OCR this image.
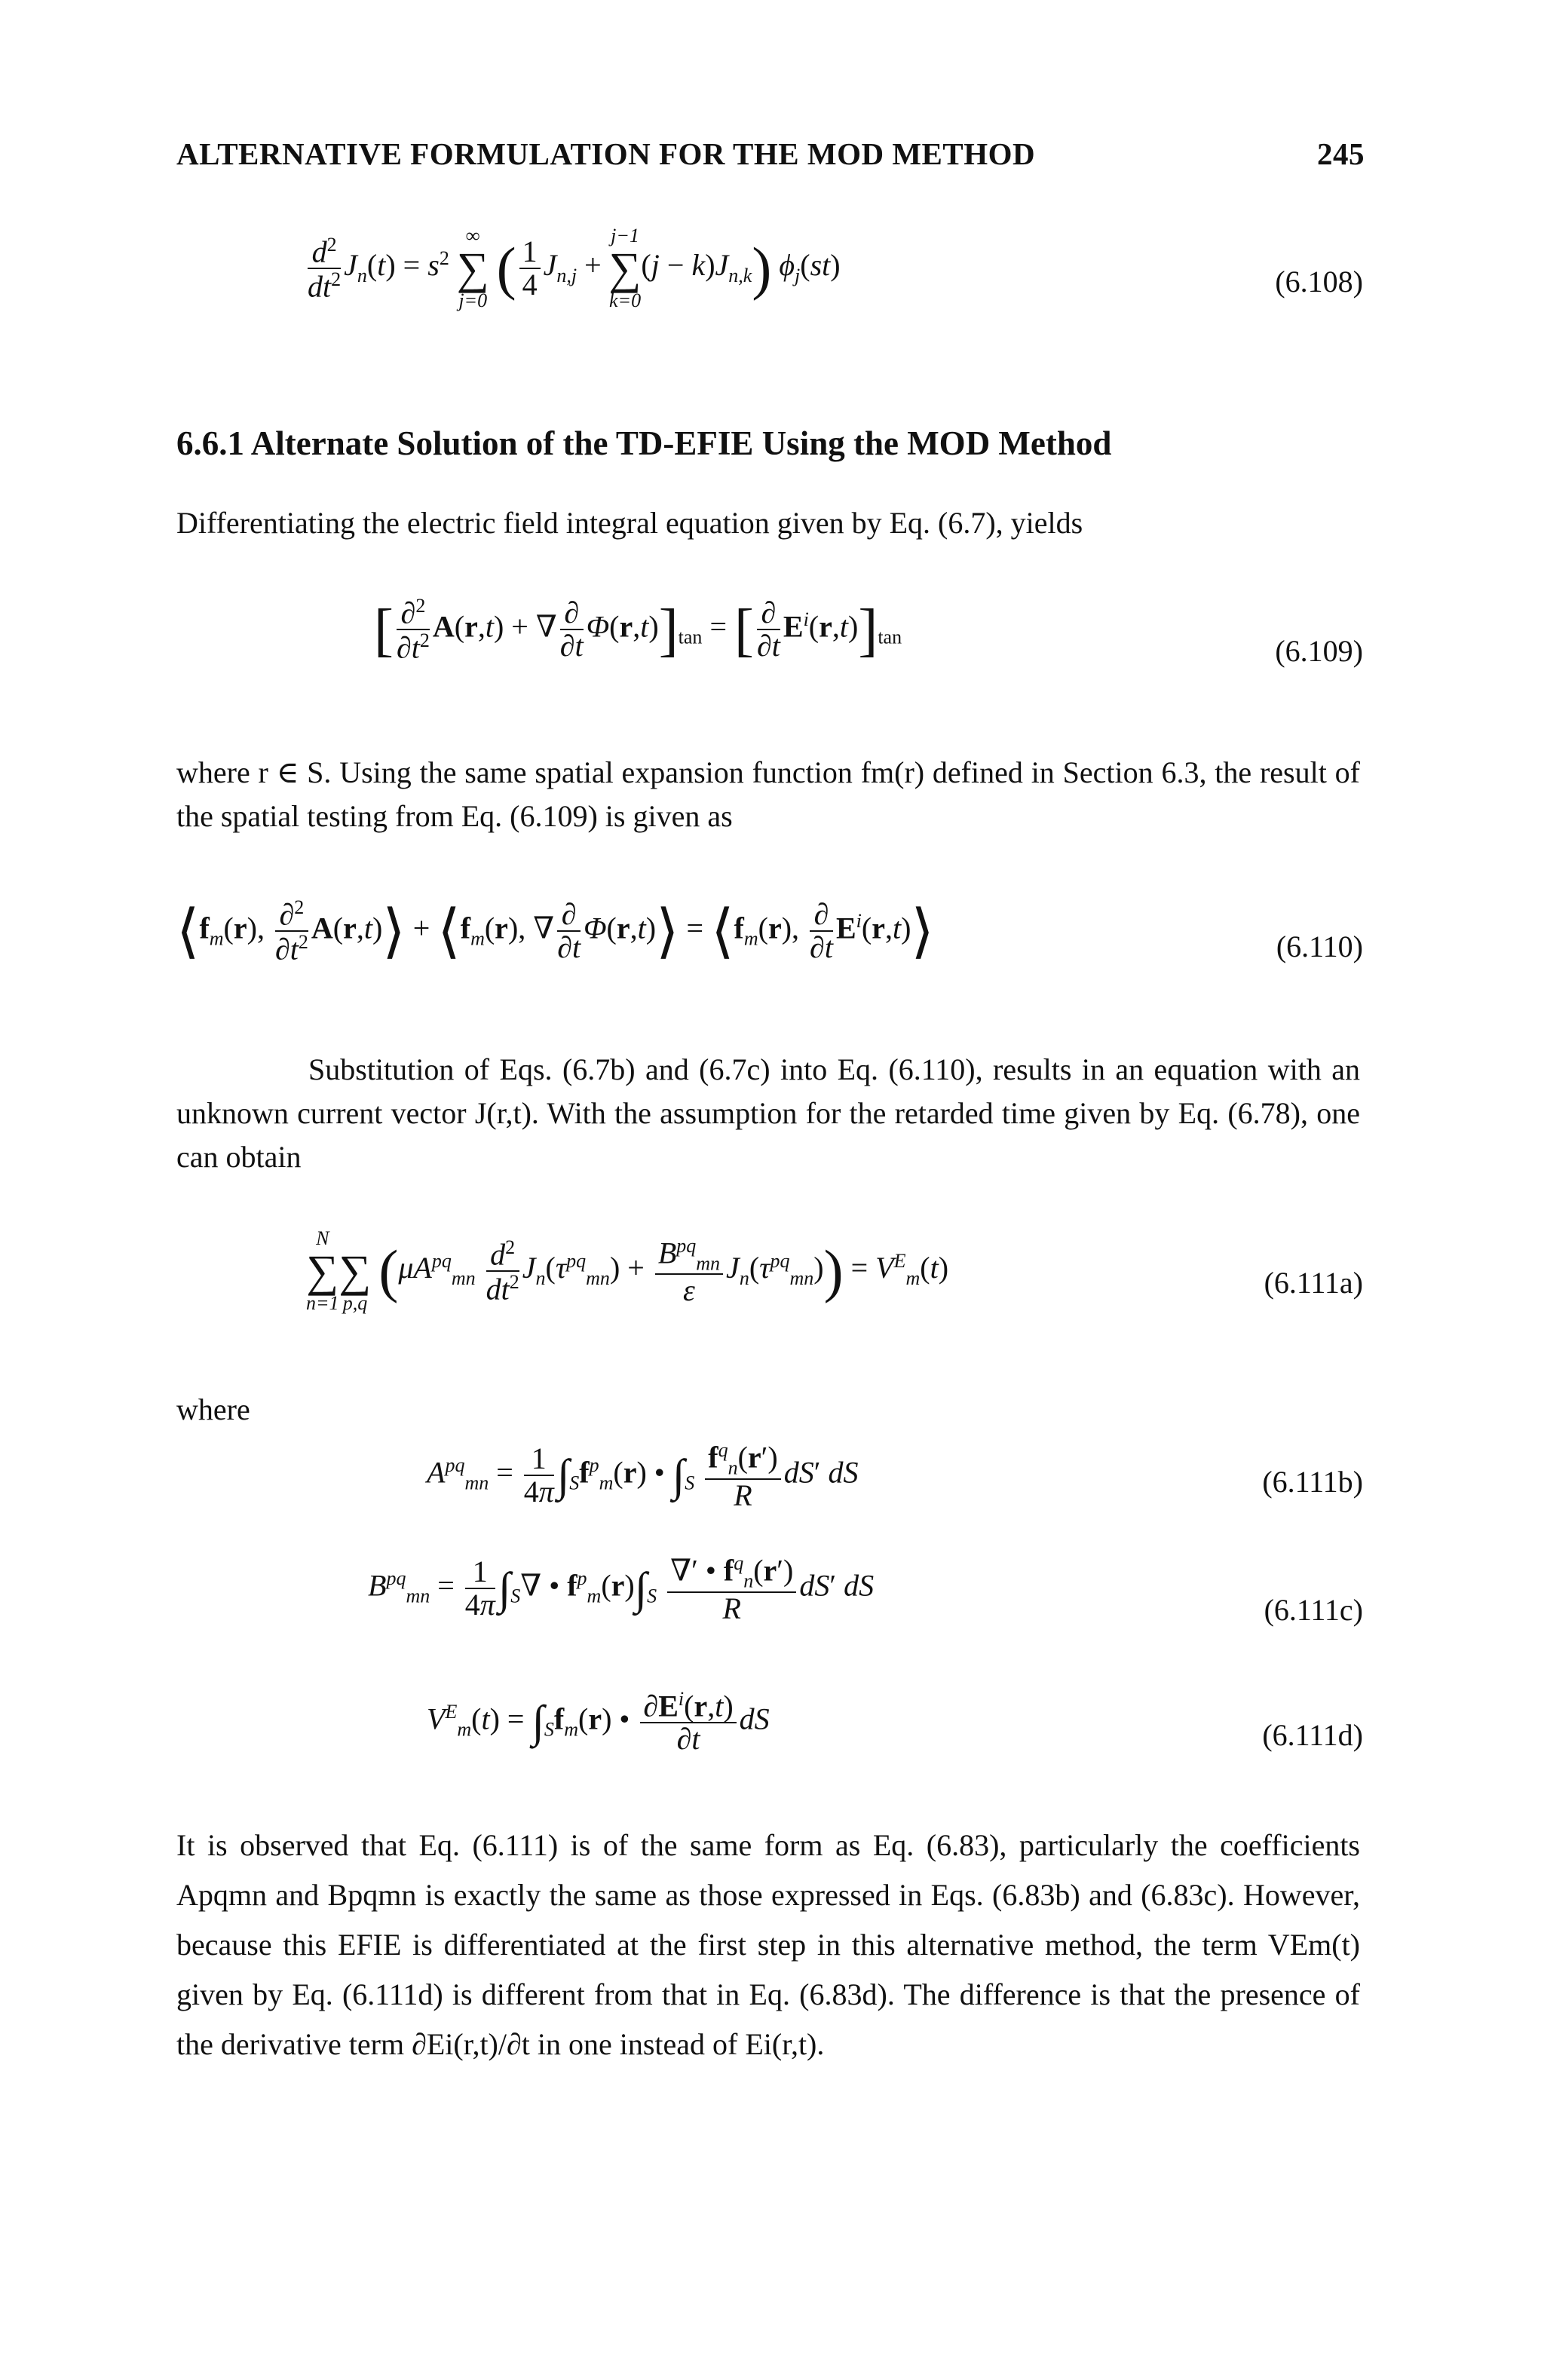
ALTERNATIVE FORMULATION FOR THE MOD METHOD	245
$\frac{d^2}{dt^2} J_n(t) = s^2$
∞
∑
j=0 ( $\frac{1}{4} J_{n,j}$ +
j−1
∑
k=0
$(j - k)J_{n,k}$) $\phi_j(st)$	(6.108)
6.6.1 Alternate Solution of the TD-EFIE Using the MOD Method
Differentiating the electric field integral equation given by Eq. (6.7), yields
[ $\frac{\partial^2}{\partial t^2} A(r,t)$ + ∇ $\frac{\partial}{\partial t} \Phi(r,t)]_{tan}$ = [ $\frac{\partial}{\partial t} E^i(r,t)]_{tan}$	(6.109)
where r ∈ S. Using the same spatial expansion function fm(r) defined in Section 6.3, the result of the spatial testing from Eq. (6.109) is given as
$⟨f_m(r)$, $\frac{\partial^2}{\partial t^2}$ A(r,t)⟩ + $⟨f_m(r)$, ∇ $\frac{\partial}{\partial t}$ Φ(r,t)⟩ = $⟨f_m(r)$, $\frac{\partial}{\partial t}$ $E^i(r,t)⟩$	(6.110)
Substitution of Eqs. (6.7b) and (6.7c) into Eq. (6.110), results in an equation with an unknown current vector J(r,t). With the assumption for the retarded time given by Eq. (6.78), one can obtain
N
∑
n=1

∑
p,q $(\mu A^{pq}_{mn} \frac{d^2}{dt^2} J_n(\tau^{pq}_{mn}) + \frac{B^{pq}_{mn}}{\varepsilon} J_n(\tau^{pq}_{mn})) = V^E_m(t)$	(6.111a)
where
$A^{pq}_{mn} = \frac{1}{4\pi} \int_Sf^p_m(r)$ • $\int_S \frac{f^q_n(r')}{R} dS'$ dS	(6.111b)
$B^{pq}_{mn} = \frac{1}{4\pi} \int_S\nabla$ • $f^p_m(r)\int_S \frac{\nabla' • f^q_n(r')}{R} dS'$ dS
(6.111c)
$V^E_m(t) = \int_Sf_m(r)$ • $\frac{\partial E^i(r,t)}{\partial t}$ dS	(6.111d)
It is observed that Eq. (6.111) is of the same form as Eq. (6.83), particularly the coefficients Apqmn and Bpqmn is exactly the same as those expressed in Eqs. (6.83b) and (6.83c). However, because this EFIE is differentiated at the first step in this alternative method, the term VEm(t) given by Eq. (6.111d) is different from that in Eq. (6.83d). The difference is that the presence of the derivative term ∂Ei(r,t)/∂t in one instead of Ei(r,t).
